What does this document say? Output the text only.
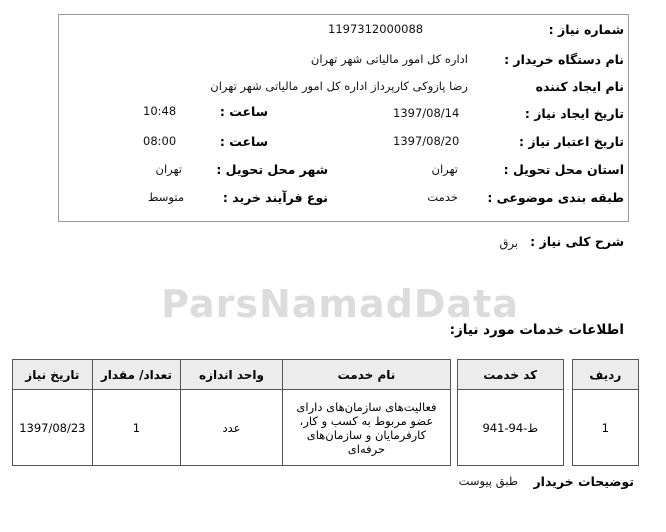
ParsNamadData
شماره نیاز :
1197312000088
نام دستگاه خریدار :
اداره کل امور مالیاتی شهر تهران
نام ایجاد کننده
رضا پازوکی کارپرداز اداره کل امور مالیاتی شهر تهران
تاریخ ایجاد نیاز :
1397/08/14
ساعت :
10:48
تاریخ اعتبار نیاز :
1397/08/20
ساعت :
08:00
استان محل تحویل :
تهران
شهر محل تحویل :
تهران
طبقه بندی موضوعی :
خدمت
نوع فرآیند خرید :
متوسط
شرح کلی نیاز :
برق
اطلاعات خدمات مورد نیاز:
ردیف		کد خدمت		نام خدمت	واحد اندازه	تعداد/ مقدار	تاریخ نیاز
1		ط-94-941		فعالیت‌های سازمان‌های دارای عضو مربوط به کسب و کار، کارفرمایان و سازمان‌های حرفه‌ای	عدد	1	1397/08/23
توضیحات خریدار
طبق پیوست
